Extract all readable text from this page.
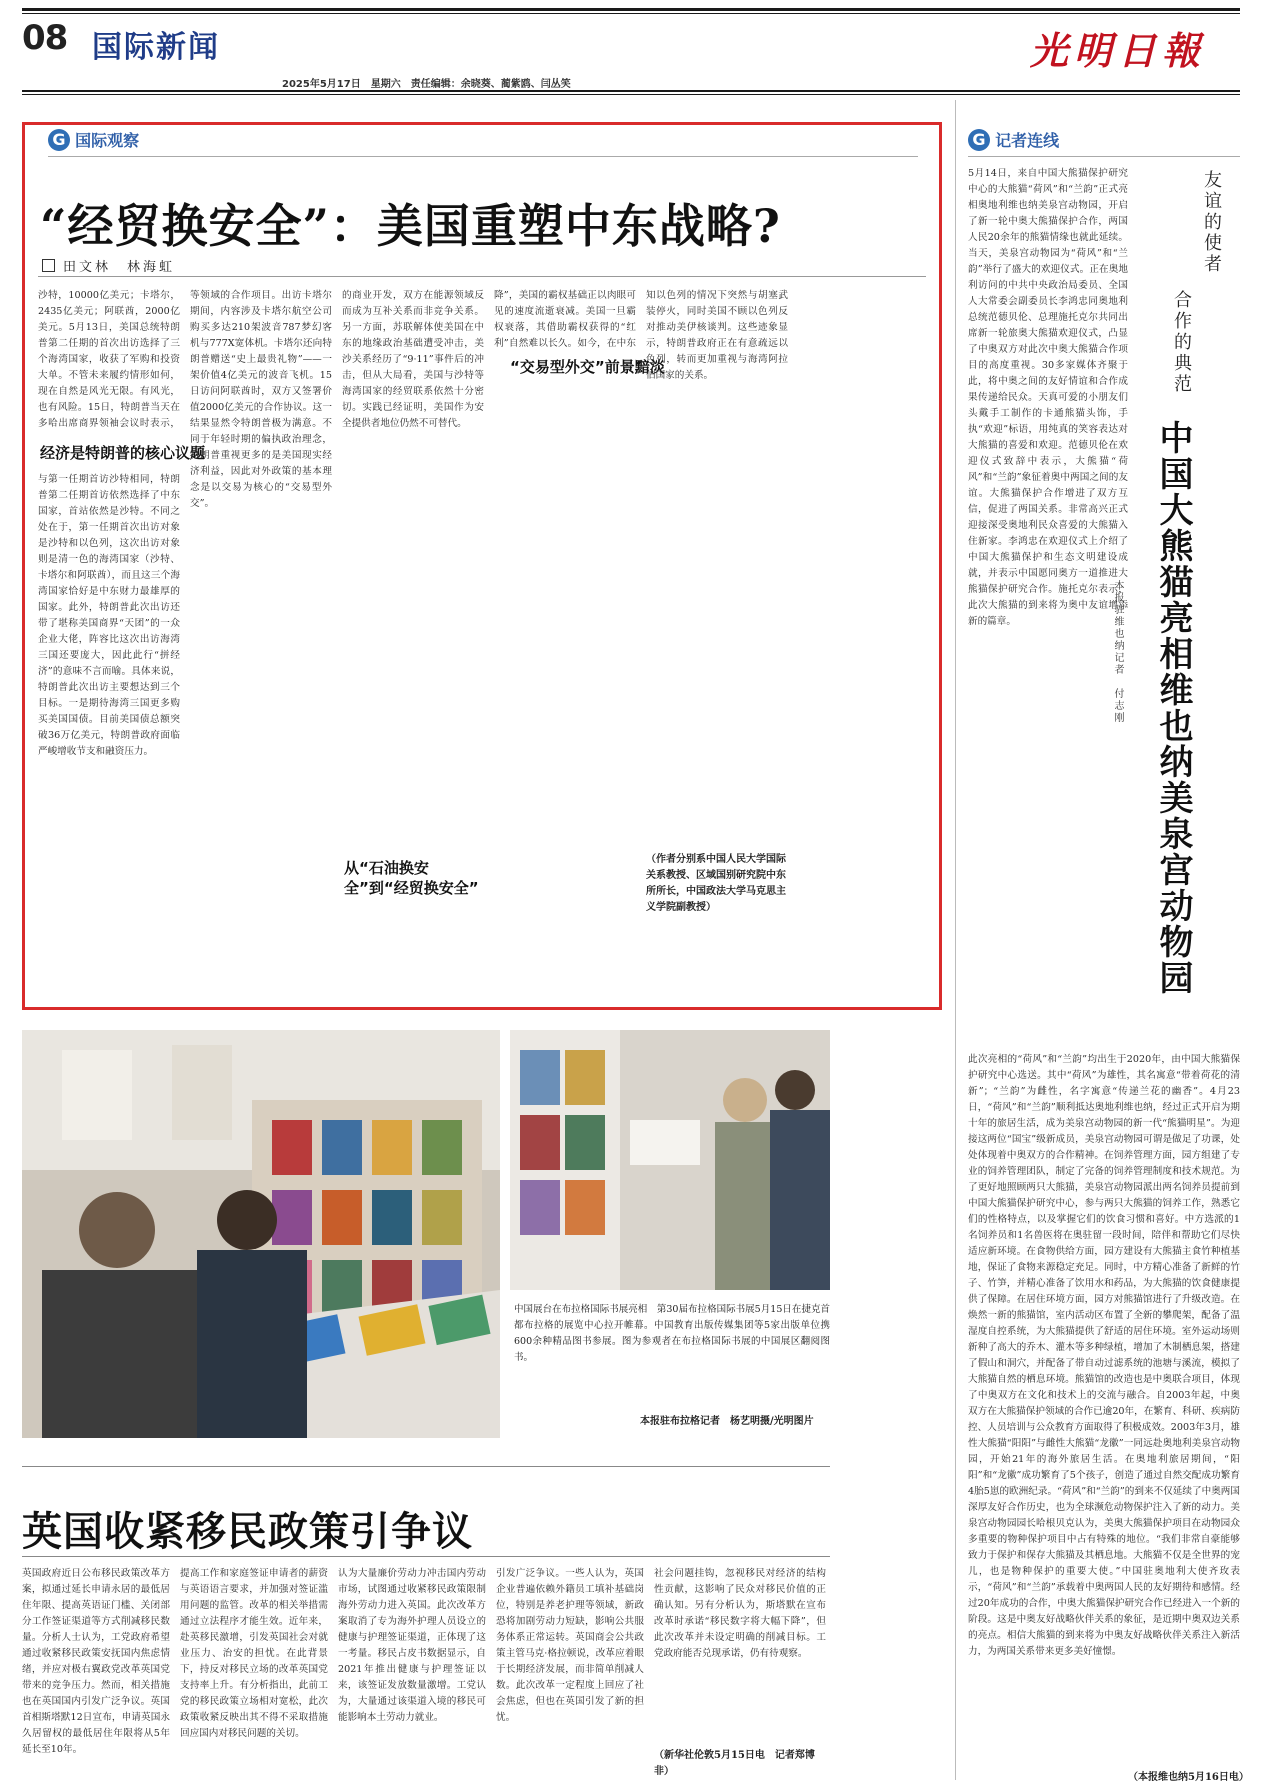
08 国际新闻
2025年5月17日　星期六　责任编辑：余晓葵、蔺紫鸥、闫丛笑
光明日報
G 国际观察
“经贸换安全”：美国重塑中东战略?
田文林　林海虹
沙特，10000亿美元；卡塔尔，2435亿美元；阿联酋，2000亿美元。5月13日，美国总统特朗普第二任期的首次出访选择了三个海湾国家，收获了军购和投资大单。不管未来履约情形如何，现在自然是风光无限。有风光，也有风险。15日，特朗普当天在多哈出席商界领袖会议时表示，
经济是特朗普的核心议题
与第一任期首访沙特相同，特朗普第二任期首访依然选择了中东国家，首站依然是沙特。不同之处在于，第一任期首次出访对象是沙特和以色列，这次出访对象则是清一色的海湾国家（沙特、卡塔尔和阿联酋），而且这三个海湾国家恰好是中东财力最雄厚的国家。此外，特朗普此次出访还带了堪称美国商界“天团”的一众企业大佬，阵容比这次出访海湾三国还要庞大，因此此行“拼经济”的意味不言而喻。具体来说，特朗普此次出访主要想达到三个目标。一是期待海湾三国更多购买美国国债。目前美国债总额突破36万亿美元，特朗普政府面临严峻增收节支和融资压力。
等领域的合作项目。出访卡塔尔期间，内容涉及卡塔尔航空公司购买多达210架波音787梦幻客机与777X宽体机。卡塔尔还向特朗普赠送“史上最贵礼物”——一架价值4亿美元的波音飞机。15日访问阿联酋时，双方又签署价值2000亿美元的合作协议。这一结果显然令特朗普极为满意。不同于年轻时期的偏执政治理念，特朗普重视更多的是美国现实经济利益，因此对外政策的基本理念是以交易为核心的“交易型外交”。
的商业开发，双方在能源领域反而成为互补关系而非竞争关系。另一方面，苏联解体使美国在中东的地缘政治基础遭受冲击，美沙关系经历了“9·11”事件后的冲击，但从大局看，美国与沙特等海湾国家的经贸联系依然十分密切。实践已经证明，美国作为安全提供者地位仍然不可替代。
从“石油换安全”到“经贸换安全”
降”，美国的霸权基础正以肉眼可见的速度流逝衰减。美国一旦霸权衰落，其借助霸权获得的“红利”自然难以长久。如今，在中东
“交易型外交”前景黯淡
知以色列的情况下突然与胡塞武装停火，同时美国不顾以色列反对推动美伊核谈判。这些迹象显示，特朗普政府正在有意疏远以色列，转而更加重视与海湾阿拉伯国家的关系。
（作者分别系中国人民大学国际关系教授、区域国别研究院中东所所长，中国政法大学马克思主义学院副教授）
中国展台在布拉格国际书展亮相　第30届布拉格国际书展5月15日在捷克首都布拉格的展览中心拉开帷幕。中国教育出版传媒集团等5家出版单位携600余种精品图书参展。图为参观者在布拉格国际书展的中国展区翻阅图书。
本报驻布拉格记者　杨艺明摄/光明图片
英国收紧移民政策引争议
英国政府近日公布移民政策改革方案，拟通过延长申请永居的最低居住年限、提高英语证门槛、关闭部分工作签证渠道等方式削减移民数量。分析人士认为，工党政府希望通过收紧移民政策安抚国内焦虑情绪，并应对极右翼政党改革英国党带来的竞争压力。然而，相关措施也在英国国内引发广泛争议。英国首相斯塔默12日宣布，申请英国永久居留权的最低居住年限将从5年延长至10年。
提高工作和家庭签证申请者的薪资与英语语言要求，并加强对签证滥用问题的监管。改革的相关举措需通过立法程序才能生效。近年来，赴英移民激增，引发英国社会对就业压力、治安的担忧。在此背景下，持反对移民立场的改革英国党支持率上升。有分析指出，此前工党的移民政策立场相对宽松，此次政策收紧反映出其不得不采取措施回应国内对移民问题的关切。
认为大量廉价劳动力冲击国内劳动市场，试图通过收紧移民政策限制海外劳动力进入英国。此次改革方案取消了专为海外护理人员设立的健康与护理签证渠道，正体现了这一考量。移民占皮书数据显示，自2021年推出健康与护理签证以来，该签证发放数量激增。工党认为，大量通过该渠道入境的移民可能影响本土劳动力就业。
引发广泛争议。一些人认为，英国企业普遍依赖外籍员工填补基础岗位，特别是养老护理等领域，新政恐将加剧劳动力短缺，影响公共服务体系正常运转。英国商会公共政策主管马克·格拉顿说，改革应着眼于长期经济发展，而非简单削减人数。此次改革一定程度上回应了社会焦虑，但也在英国引发了新的担忧。
社会问题挂钩，忽视移民对经济的结构性贡献，这影响了民众对移民价值的正确认知。另有分析认为，斯塔默在宣布改革时承诺“移民数字将大幅下降”，但此次改革并未设定明确的削减目标。工党政府能否兑现承诺，仍有待观察。
（新华社伦敦5月15日电　记者郑博非）
G 记者连线
5月14日，来自中国大熊猫保护研究中心的大熊猫“荷风”和“兰韵”正式亮相奥地利维也纳美泉宫动物园，开启了新一轮中奥大熊猫保护合作，两国人民20余年的熊猫情缘也就此延续。当天，美泉宫动物园为“荷风”和“兰韵”举行了盛大的欢迎仪式。正在奥地利访问的中共中央政治局委员、全国人大常委会副委员长李鸿忠同奥地利总统范德贝伦、总理施托克尔共同出席新一轮旅奥大熊猫欢迎仪式，凸显了中奥双方对此次中奥大熊猫合作项目的高度重视。30多家媒体齐聚于此，将中奥之间的友好情谊和合作成果传递给民众。天真可爱的小朋友们头戴手工制作的卡通熊猫头饰，手执“欢迎”标语，用纯真的笑容表达对大熊猫的喜爱和欢迎。范德贝伦在欢迎仪式致辞中表示，大熊猫“荷风”和“兰韵”象征着奥中两国之间的友谊。大熊猫保护合作增进了双方互信，促进了两国关系。非常高兴正式迎接深受奥地利民众喜爱的大熊猫入住新家。李鸿忠在欢迎仪式上介绍了中国大熊猫保护和生态文明建设成就，并表示中国愿同奥方一道推进大熊猫保护研究合作。施托克尔表示，此次大熊猫的到来将为奥中友谊增添新的篇章。
友谊的使者
合作的典范
中国大熊猫亮相维也纳美泉宫动物园
本报驻维也纳记者　付志刚
此次亮相的“荷风”和“兰韵”均出生于2020年，由中国大熊猫保护研究中心选送。其中“荷风”为雄性，其名寓意“带着荷花的清新”；“兰韵”为雌性，名字寓意“传递兰花的幽香”。4月23日，“荷风”和“兰韵”顺利抵达奥地利维也纳，经过正式开启为期十年的旅居生活，成为美泉宫动物园的新一代“熊猫明星”。为迎接这两位“国宝”级新成员，美泉宫动物园可谓是做足了功课，处处体现着中奥双方的合作精神。在饲养管理方面，园方组建了专业的饲养管理团队，制定了完备的饲养管理制度和技术规范。为了更好地照顾两只大熊猫，美泉宫动物园派出两名饲养员提前到中国大熊猫保护研究中心，参与两只大熊猫的饲养工作，熟悉它们的性格特点，以及掌握它们的饮食习惯和喜好。中方选派的1名饲养员和1名兽医将在奥驻留一段时间，陪伴和帮助它们尽快适应新环境。在食物供给方面，园方建设有大熊猫主食竹种植基地，保证了食物来源稳定充足。同时，中方精心准备了新鲜的竹子、竹笋，并精心准备了饮用水和药品，为大熊猫的饮食健康提供了保障。在居住环境方面，园方对熊猫馆进行了升级改造。在焕然一新的熊猫馆，室内活动区布置了全新的攀爬架，配备了温湿度自控系统，为大熊猫提供了舒适的居住环境。室外运动场则新种了高大的乔木、灌木等多种绿植，增加了木制栖息架，搭建了假山和洞穴，并配备了带自动过滤系统的池塘与溪流，模拟了大熊猫自然的栖息环境。熊猫馆的改造也是中奥联合项目，体现了中奥双方在文化和技术上的交流与融合。自2003年起，中奥双方在大熊猫保护领域的合作已逾20年，在繁育、科研、疾病防控、人员培训与公众教育方面取得了积极成效。2003年3月，雄性大熊猫“阳阳”与雌性大熊猫“龙徽”一同远赴奥地利美泉宫动物园，开始21年的海外旅居生活。在奥地利旅居期间，“阳阳”和“龙徽”成功繁育了5个孩子，创造了通过自然交配成功繁育4胎5崽的欧洲纪录。“荷风”和“兰韵”的到来不仅延续了中奥两国深厚友好合作历史，也为全球濒危动物保护注入了新的动力。美泉宫动物园园长哈根贝克认为，美奥大熊猫保护项目在动物园众多重要的物种保护项目中占有特殊的地位。“我们非常自豪能够致力于保护和保存大熊猫及其栖息地。大熊猫不仅是全世界的宠儿，也是物种保护的重要大使。”中国驻奥地利大使齐玫表示，“荷风”和“兰韵”承载着中奥两国人民的友好期待和感情。经过20年成功的合作，中奥大熊猫保护研究合作已经进入一个新的阶段。这是中奥友好战略伙伴关系的象征，是近期中奥双边关系的亮点。相信大熊猫的到来将为中奥友好战略伙伴关系注入新活力，为两国关系带来更多美好憧憬。
（本报维也纳5月16日电）
